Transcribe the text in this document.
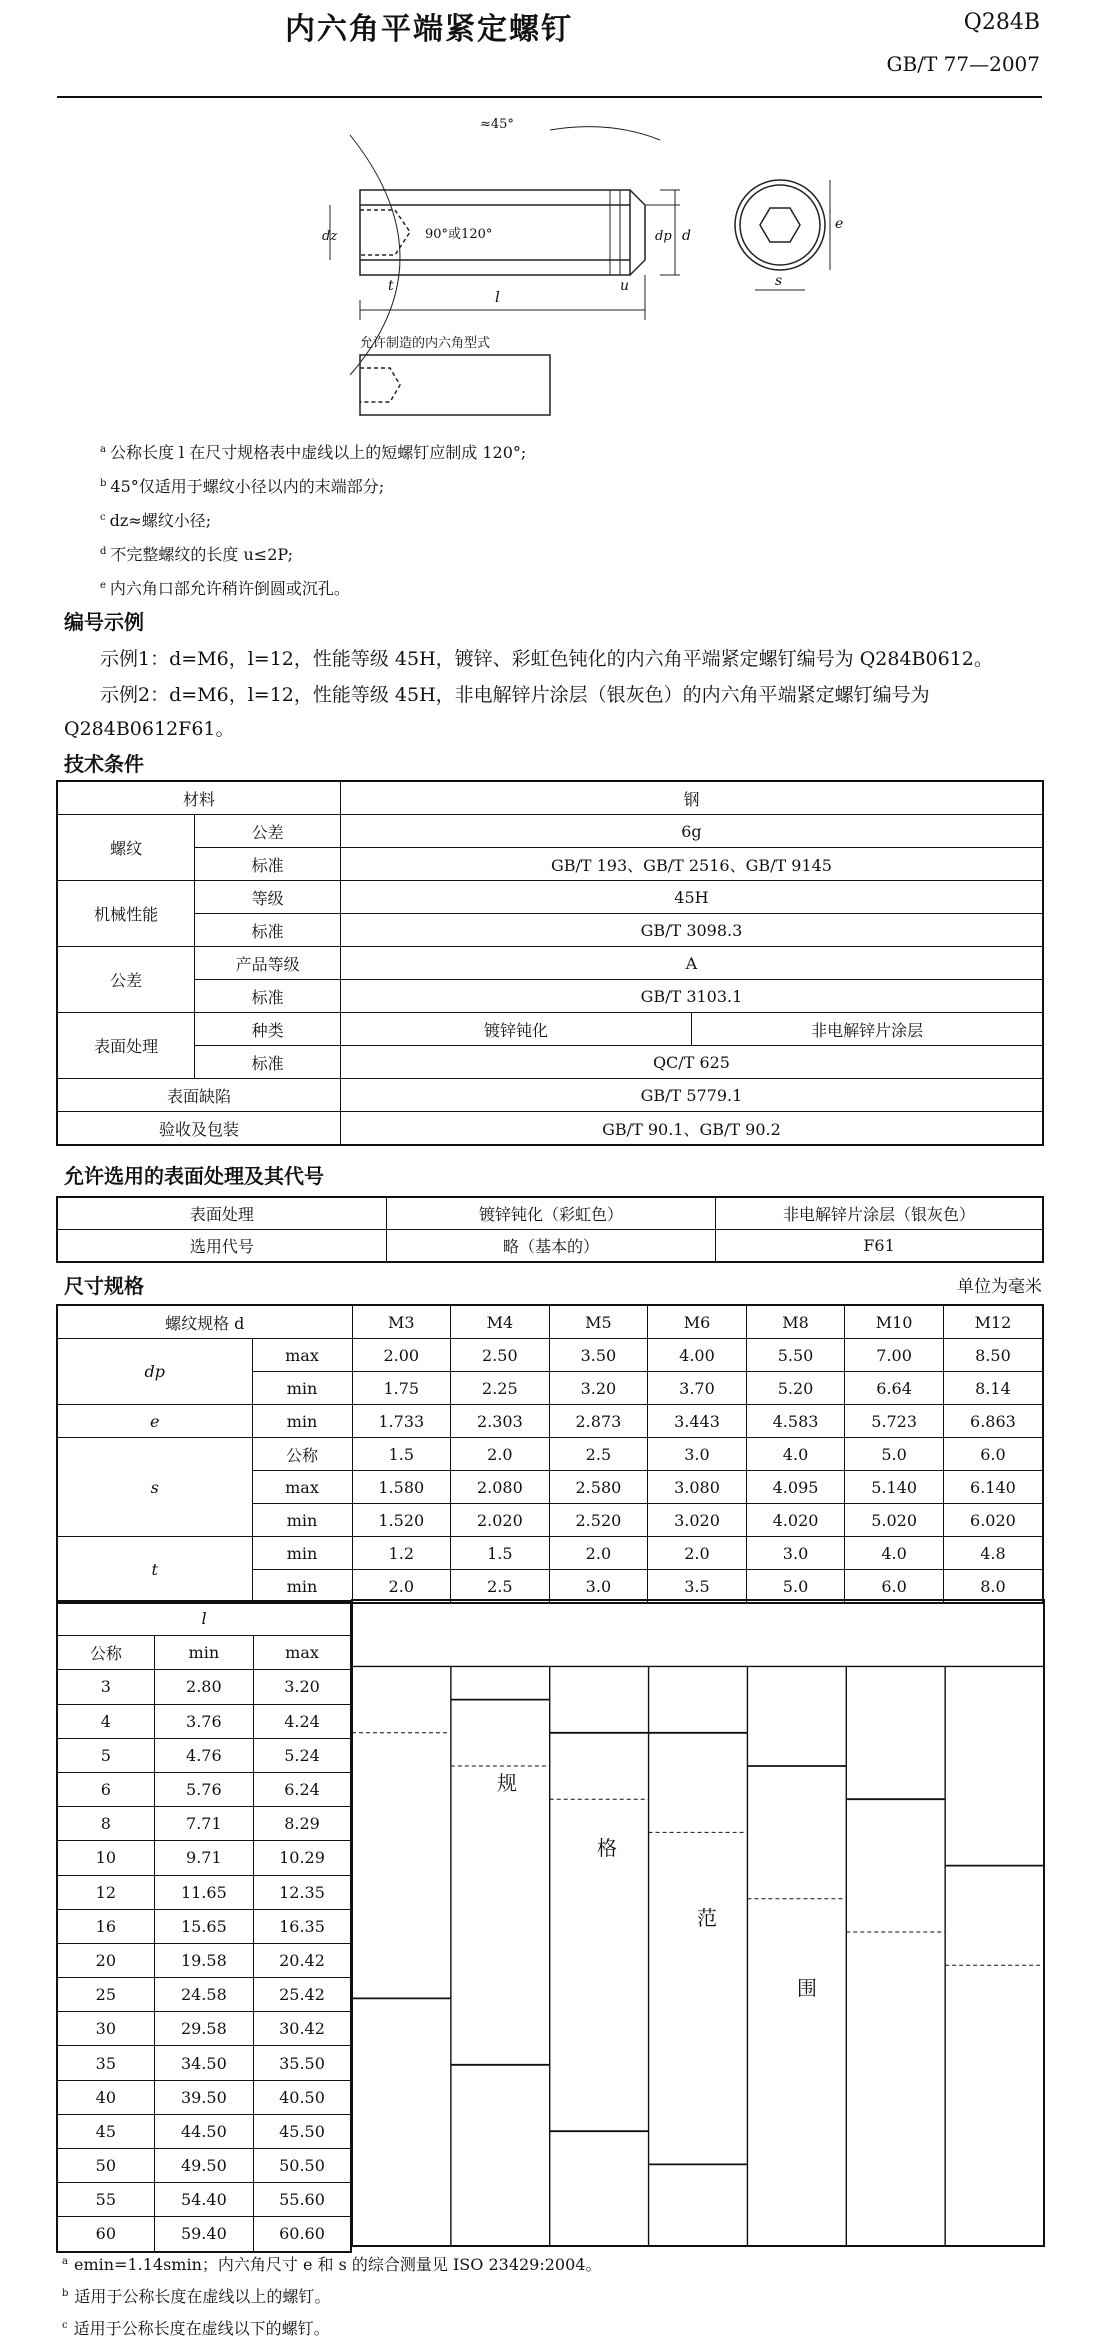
内六角平端紧定螺钉	Q284B
GB/T 77—2007
≈45°
90°或120°
l
t	u
dz	dp d
e
s
允许制造的内六角型式
$^a$ 公称长度 l 在尺寸规格表中虚线以上的短螺钉应制成 120°;
$^b$ 45°仅适用于螺纹小径以内的末端部分;
$^c$ dz≈螺纹小径;
$^d$ 不完整螺纹的长度 u≤2P;
$^e$ 内六角口部允许稍许倒圆或沉孔。
编号示例
示例1：d=M6，l=12，性能等级 45H，镀锌、彩虹色钝化的内六角平端紧定螺钉编号为 Q284B0612。
示例2：d=M6，l=12，性能等级 45H，非电解锌片涂层（银灰色）的内六角平端紧定螺钉编号为
Q284B0612F61。
技术条件
材料		钢	
螺纹	公差	6g	
	标准	GB/T 193、GB/T 2516、GB/T 9145	
机械性能	等级	45H	
	标准	GB/T 3098.3	
公差	产品等级	A	
	标准	GB/T 3103.1	
表面处理	种类	镀锌钝化	非电解锌片涂层
	标准	QC/T 625	
表面缺陷		GB/T 5779.1	
验收及包装		GB/T 90.1、GB/T 90.2	
允许选用的表面处理及其代号
表面处理	镀锌钝化（彩虹色）	非电解锌片涂层（银灰色）
选用代号	略（基本的）	F61
尺寸规格	单位为毫米
螺纹规格 d		M3	M4	M5	M6	M8	M10	M12
dp	max	2.00	2.50	3.50	4.00	5.50	7.00	8.50
	min	1.75	2.25	3.20	3.70	5.20	6.64	8.14
e	min	1.733	2.303	2.873	3.443	4.583	5.723	6.863
s	公称	1.5	2.0	2.5	3.0	4.0	5.0	6.0
	max	1.580	2.080	2.580	3.080	4.095	5.140	6.140
	min	1.520	2.020	2.520	3.020	4.020	5.020	6.020
t	min	1.2	1.5	2.0	2.0	3.0	4.0	4.8
	min	2.0	2.5	3.0	3.5	5.0	6.0	8.0
l		
公称	min	max
3	2.80	3.20
4	3.76	4.24
5	4.76	5.24
6	5.76	6.24
8	7.71	8.29
10	9.71	10.29
12	11.65	12.35
16	15.65	16.35
20	19.58	20.42
25	24.58	25.42
30	29.58	30.42
35	34.50	35.50
40	39.50	40.50
45	44.50	45.50
50	49.50	50.50
55	54.40	55.60
60	59.40	60.60
规
格
范
围
$^a$ emin=1.14smin；内六角尺寸 e 和 s 的综合测量见 ISO 23429:2004。
$^b$ 适用于公称长度在虚线以上的螺钉。
$^c$ 适用于公称长度在虚线以下的螺钉。
